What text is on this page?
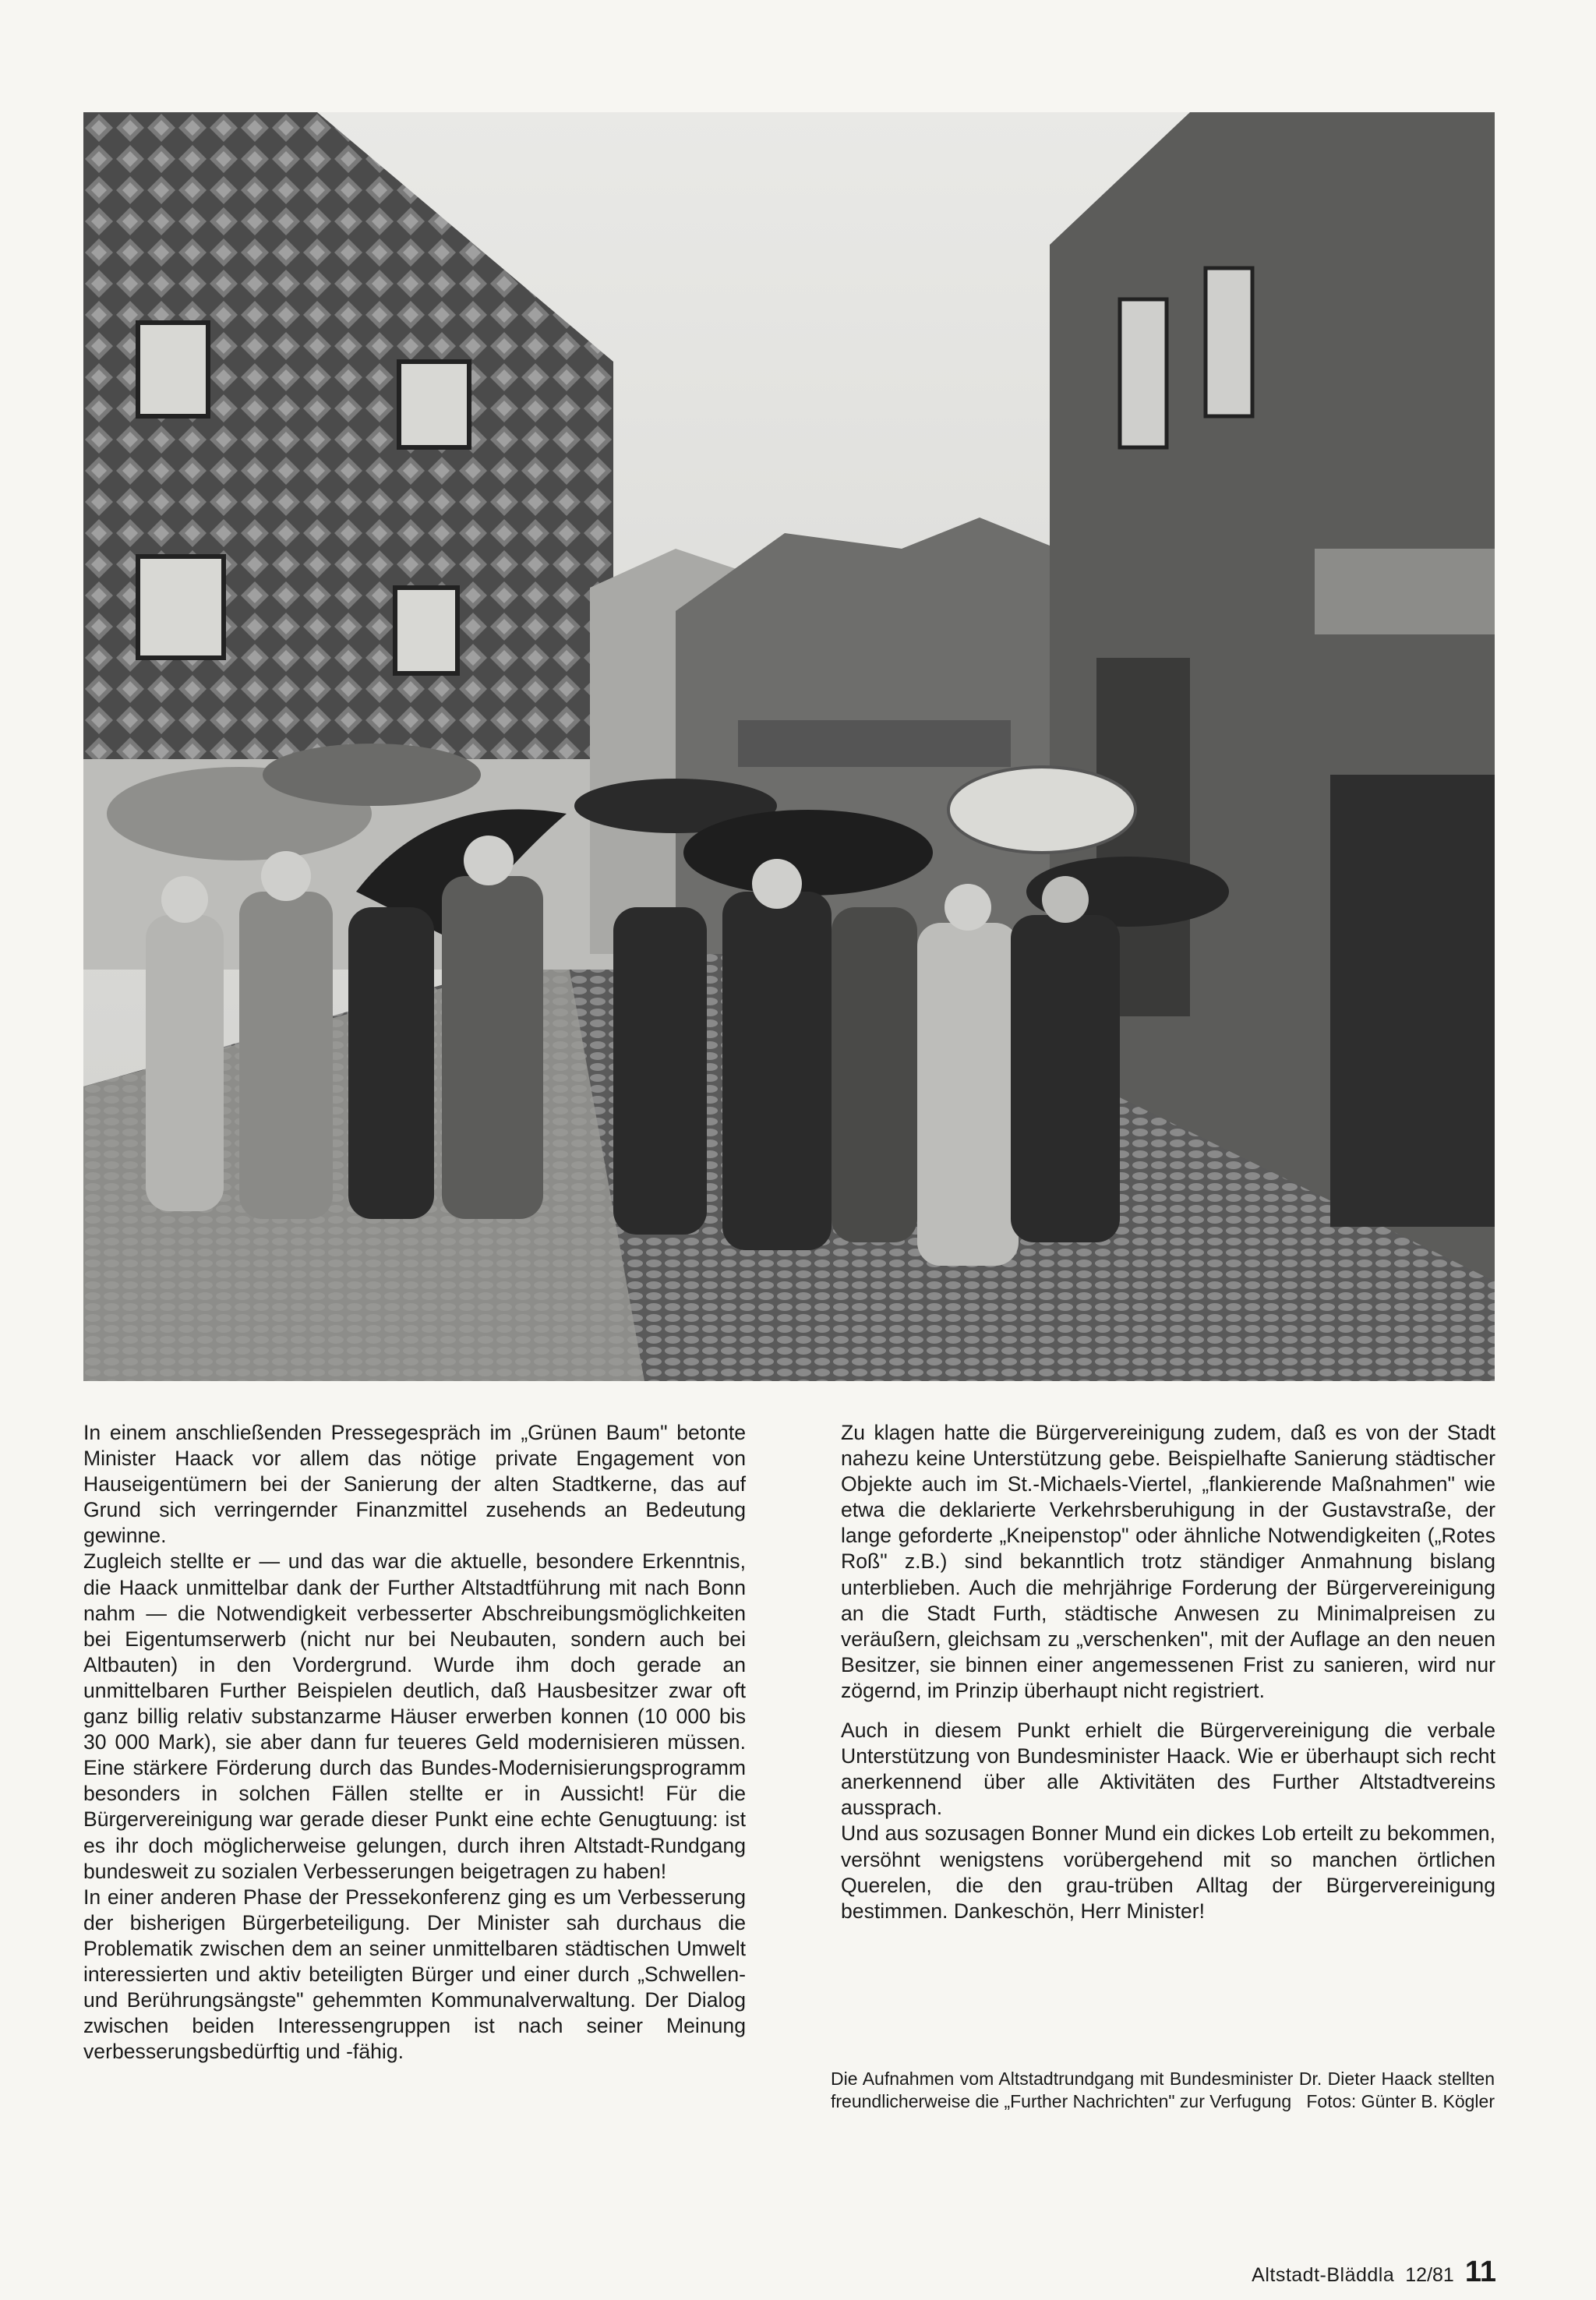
In einem anschließenden Pressegespräch im „Grünen Baum" betonte Minister Haack vor allem das nötige private Engagement von Hauseigentümern bei der Sanierung der alten Stadtkerne, das auf Grund sich verringernder Finanzmittel zusehends an Bedeutung gewinne.

Zugleich stellte er — und das war die aktuelle, besondere Erkenntnis, die Haack unmittelbar dank der Further Altstadtführung mit nach Bonn nahm — die Notwendigkeit verbesserter Abschreibungsmöglichkeiten bei Eigentumserwerb (nicht nur bei Neubauten, sondern auch bei Altbauten) in den Vordergrund. Wurde ihm doch gerade an unmittelbaren Further Beispielen deutlich, daß Hausbesitzer zwar oft ganz billig relativ substanzarme Häuser erwerben konnen (10 000 bis 30 000 Mark), sie aber dann fur teueres Geld modernisieren müssen. Eine stärkere Förderung durch das Bundes-Modernisierungsprogramm besonders in solchen Fällen stellte er in Aussicht! Für die Bürgervereinigung war gerade dieser Punkt eine echte Genugtuung: ist es ihr doch möglicherweise gelungen, durch ihren Altstadt-Rundgang bundesweit zu sozialen Verbesserungen beigetragen zu haben!

In einer anderen Phase der Pressekonferenz ging es um Verbesserung der bisherigen Bürgerbeteiligung. Der Minister sah durchaus die Problematik zwischen dem an seiner unmittelbaren städtischen Umwelt interessierten und aktiv beteiligten Bürger und einer durch „Schwellen- und Berührungsängste" gehemmten Kommunalverwaltung. Der Dialog zwischen beiden Interessengruppen ist nach seiner Meinung verbesserungsbedürftig und -fähig.

Zu klagen hatte die Bürgervereinigung zudem, daß es von der Stadt nahezu keine Unterstützung gebe. Beispielhafte Sanierung städtischer Objekte auch im St.-Michaels-Viertel, „flankierende Maßnahmen" wie etwa die deklarierte Verkehrsberuhigung in der Gustavstraße, der lange geforderte „Kneipenstop" oder ähnliche Notwendigkeiten („Rotes Roß" z.B.) sind bekanntlich trotz ständiger Anmahnung bislang unterblieben. Auch die mehrjährige Forderung der Bürgervereinigung an die Stadt Furth, städtische Anwesen zu Minimalpreisen zu veräußern, gleichsam zu „verschenken", mit der Auflage an den neuen Besitzer, sie binnen einer angemessenen Frist zu sanieren, wird nur zögernd, im Prinzip überhaupt nicht registriert.

Auch in diesem Punkt erhielt die Bürgervereinigung die verbale Unterstützung von Bundesminister Haack. Wie er überhaupt sich recht anerkennend über alle Aktivitäten des Further Altstadtvereins aussprach.

Und aus sozusagen Bonner Mund ein dickes Lob erteilt zu bekommen, versöhnt wenigstens vorübergehend mit so manchen örtlichen Querelen, die den grau-trüben Alltag der Bürgervereinigung bestimmen. Dankeschön, Herr Minister!

Die Aufnahmen vom Altstadtrundgang mit Bundesminister Dr. Dieter Haack stellten freundlicherweise die „Further Nachrichten" zur Verfugung Fotos: Günter B. Kögler
Altstadt-Bläddla 12/81 11
